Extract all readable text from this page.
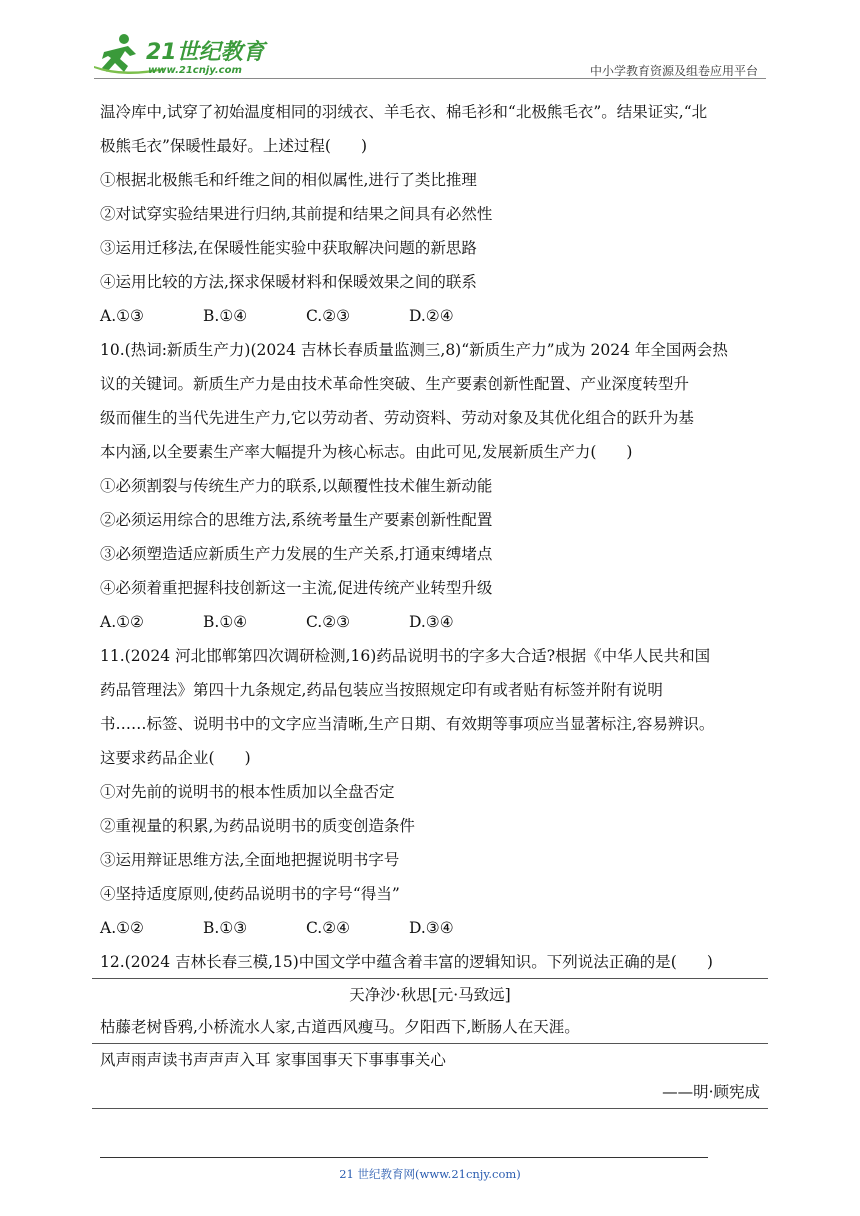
21世纪教育
www.21cnjy.com	中小学教育资源及组卷应用平台
温冷库中,试穿了初始温度相同的羽绒衣、羊毛衣、棉毛衫和“北极熊毛衣”。结果证实,“北
极熊毛衣”保暖性最好。上述过程( )
①根据北极熊毛和纤维之间的相似属性,进行了类比推理
②对试穿实验结果进行归纳,其前提和结果之间具有必然性
③运用迁移法,在保暖性能实验中获取解决问题的新思路
④运用比较的方法,探求保暖材料和保暖效果之间的联系
A.①③	B.①④	C.②③	D.②④
10.(热词:新质生产力)(2024 吉林长春质量监测三,8)“新质生产力”成为 2024 年全国两会热
议的关键词。新质生产力是由技术革命性突破、生产要素创新性配置、产业深度转型升
级而催生的当代先进生产力,它以劳动者、劳动资料、劳动对象及其优化组合的跃升为基
本内涵,以全要素生产率大幅提升为核心标志。由此可见,发展新质生产力( )
①必须割裂与传统生产力的联系,以颠覆性技术催生新动能
②必须运用综合的思维方法,系统考量生产要素创新性配置
③必须塑造适应新质生产力发展的生产关系,打通束缚堵点
④必须着重把握科技创新这一主流,促进传统产业转型升级
A.①②	B.①④	C.②③	D.③④
11.(2024 河北邯郸第四次调研检测,16)药品说明书的字多大合适?根据《中华人民共和国
药品管理法》第四十九条规定,药品包装应当按照规定印有或者贴有标签并附有说明
书……标签、说明书中的文字应当清晰,生产日期、有效期等事项应当显著标注,容易辨识。
这要求药品企业( )
①对先前的说明书的根本性质加以全盘否定
②重视量的积累,为药品说明书的质变创造条件
③运用辩证思维方法,全面地把握说明书字号
④坚持适度原则,使药品说明书的字号“得当”
A.①②	B.①③	C.②④	D.③④
12.(2024 吉林长春三模,15)中国文学中蕴含着丰富的逻辑知识。下列说法正确的是( )
天净沙·秋思[元·马致远]
枯藤老树昏鸦,小桥流水人家,古道西风瘦马。夕阳西下,断肠人在天涯。
风声雨声读书声声声入耳 家事国事天下事事事关心
——明·顾宪成
21 世纪教育网(www.21cnjy.com)
